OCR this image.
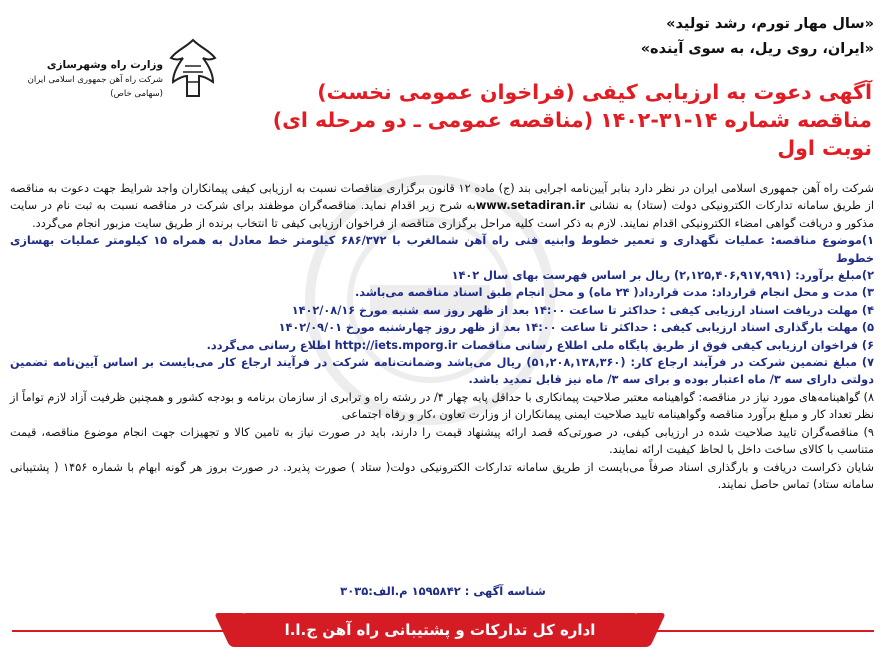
«سال مهار تورم، رشد تولید»
«ایران، روی ریل، به سوی آینده»
وزارت راه وشهرسازی
شرکت راه آهن جمهوری اسلامی ایران (سهامی خاص)	آگهی دعوت به ارزیابی کیفی (فراخوان عمومی نخست)
مناقصه شماره ۱۴-۳۱-۱۴۰۲ (مناقصه عمومی ـ دو مرحله ای)
نوبت اول

شرکت راه آهن جمهوری اسلامی ایران در نظر دارد بنابر آیین‌نامه اجرایی بند (ج) ماده ۱۲ قانون برگزاری مناقصات نسبت به ارزیابی کیفی پیمانکاران واجد شرایط جهت دعوت به مناقصه از طریق سامانه تدارکات الکترونیکی دولت (ستاد) به نشانی www.setadiran.irبه شرح زیر اقدام نماید. مناقصه‌گران موظفند برای شرکت در مناقصه نسبت به ثبت نام در سایت مذکور و دریافت گواهی امضاء الکترونیکی اقدام نمایند. لازم به ذکر است کلیه مراحل برگزاری مناقصه از فراخوان ارزیابی کیفی تا انتخاب برنده از طریق سایت مزبور انجام می‌گردد.

۱)موضوع مناقصه: عملیات نگهداری و تعمیر خطوط وابنیه فنی راه آهن شمالغرب با ۶۸۶/۳۷۲ کیلومتر خط معادل به همراه ۱۵ کیلومتر عملیات بهسازی خطوط

۲)مبلغ برآورد: (۲,۱۲۵,۴۰۶,۹۱۷,۹۹۱) ریال بر اساس فهرست بهای سال ۱۴۰۲

۳) مدت و محل انجام قرارداد: مدت قرارداد( ۲۴ ماه) و محل انجام طبق اسناد مناقصه می‌باشد.

۴) مهلت دریافت اسناد ارزیابی کیفی : حداکثر تا ساعت ۱۴:۰۰ بعد از ظهر روز سه شنبه مورخ ۱۴۰۲/۰۸/۱۶

۵) مهلت بارگذاری اسناد ارزیابی کیفی : حداکثر تا ساعت ۱۴:۰۰ بعد از ظهر روز چهارشنبه مورخ ۱۴۰۲/۰۹/۰۱

۶) فراخوان ارزیابی کیفی فوق از طریق پایگاه ملی اطلاع رسانی مناقصات http://iets.mporg.ir اطلاع رسانی می‌گردد.

۷) مبلغ تضمین شرکت در فرآیند ارجاع کار: (۵۱,۲۰۸,۱۳۸,۳۶۰) ریال می‌باشد وضمانت‌نامه شرکت در فرآیند ارجاع کار می‌بایست بر اساس آیین‌نامه تضمین دولتی دارای سه ۳/ ماه اعتبار بوده و برای سه ۳/ ماه نیز قابل تمدید باشد.

۸) گواهینامه‌های مورد نیاز در مناقصه: گواهینامه معتبر صلاحیت پیمانکاری با حداقل پایه چهار ۴/ در رشته راه و ترابری از سازمان برنامه و بودجه کشور و همچنین ظرفیت آزاد لازم تواماً از نظر تعداد کار و مبلغ برآورد مناقصه وگواهینامه تایید صلاحیت ایمنی پیمانکاران از وزارت تعاون ،کار و رفاه اجتماعی

۹) مناقصه‌گران تایید صلاحیت شده در ارزیابی کیفی، در صورتی‌که قصد ارائه پیشنهاد قیمت را دارند، باید در صورت نیاز به تامین کالا و تجهیزات جهت انجام موضوع مناقصه، قیمت متناسب با کالای ساخت داخل با لحاظ کیفیت ارائه نمایند.

شایان ذکراست دریافت و بارگذاری اسناد صرفاً می‌بایست از طریق سامانه تدارکات الکترونیکی دولت( ستاد ) صورت پذیرد. در صورت بروز هر گونه ابهام با شماره ۱۴۵۶ ( پشتیبانی سامانه ستاد) تماس حاصل نمایند.

شناسه آگهی : ۱۵۹۵۸۴۲ م.الف:۳۰۳۵
اداره کل تدارکات و پشتیبانی راه آهن ج.ا.ا
